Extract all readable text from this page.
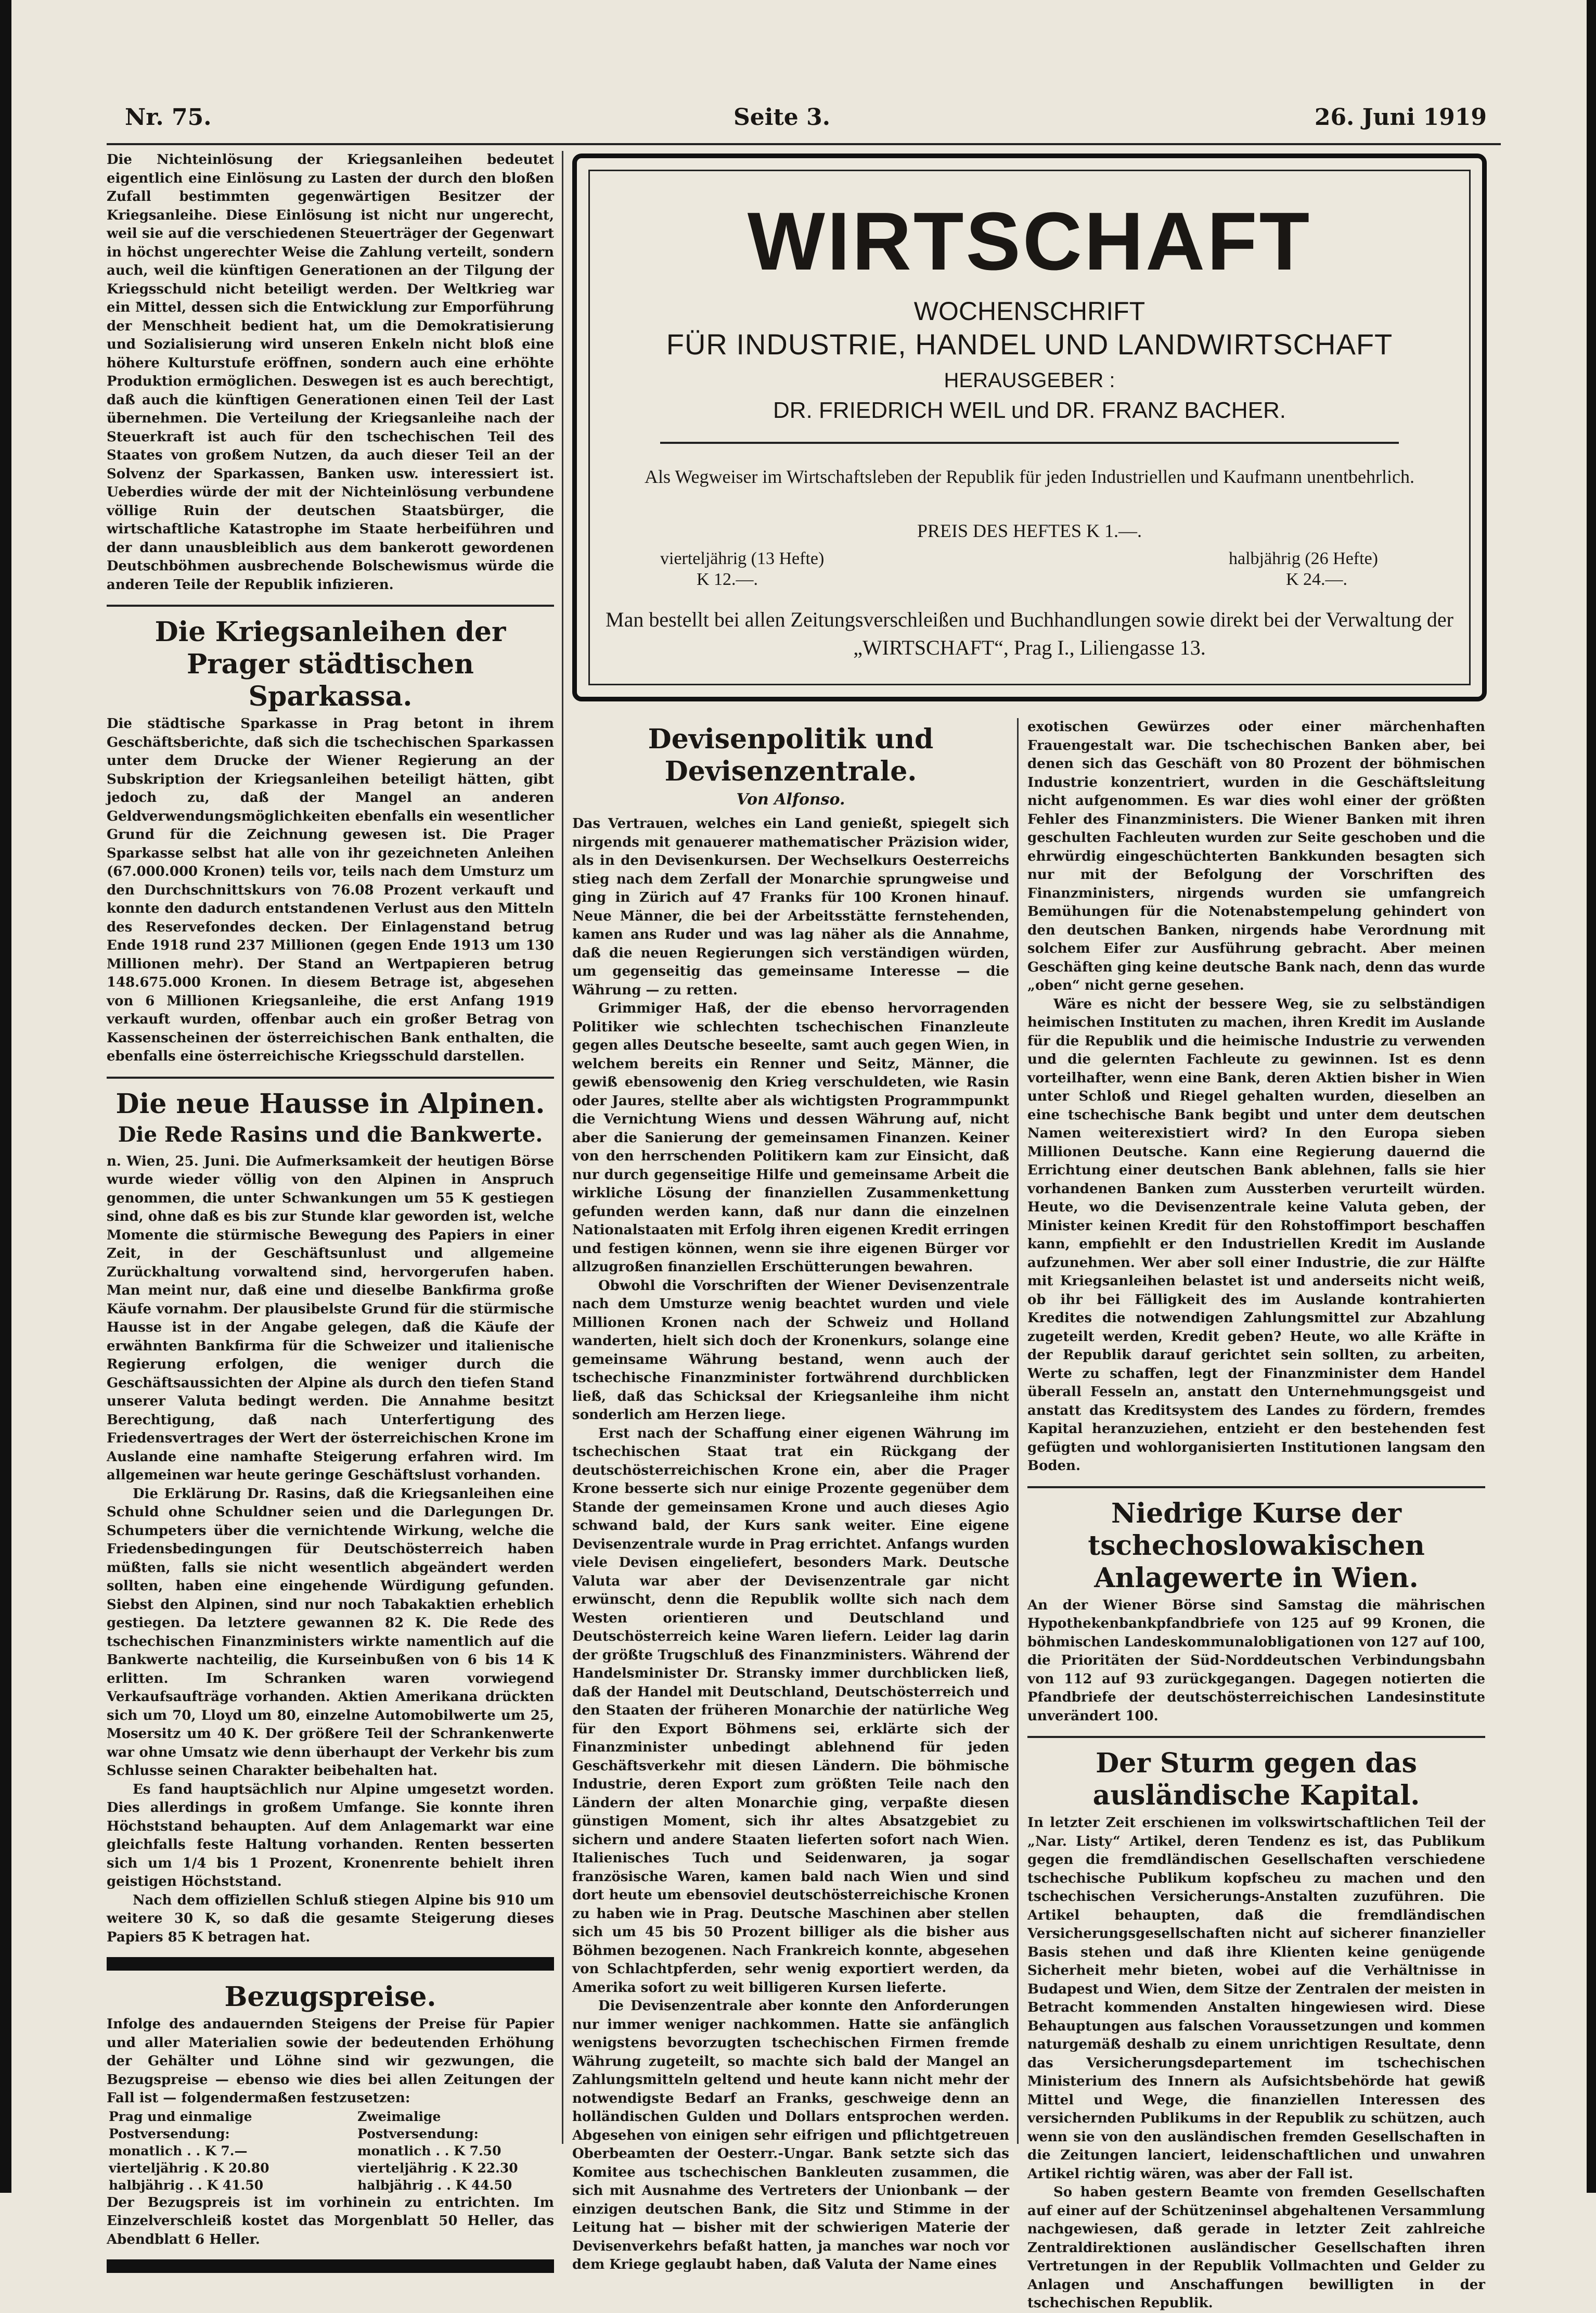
Nr. 75.	Seite 3.	26. Juni 1919

Die Nichteinlösung der Kriegsanleihen bedeutet eigentlich eine Einlösung zu Lasten der durch den bloßen Zufall bestimmten gegenwärtigen Besitzer der Kriegsanleihe. Diese Einlösung ist nicht nur ungerecht, weil sie auf die verschiedenen Steuerträger der Gegenwart in höchst ungerechter Weise die Zahlung verteilt, sondern auch, weil die künftigen Generationen an der Tilgung der Kriegsschuld nicht beteiligt werden. Der Weltkrieg war ein Mittel, dessen sich die Entwicklung zur Emporführung der Menschheit bedient hat, um die Demokratisierung und Sozialisierung wird unseren Enkeln nicht bloß eine höhere Kulturstufe eröffnen, sondern auch eine erhöhte Produktion ermöglichen. Deswegen ist es auch berechtigt, daß auch die künftigen Generationen einen Teil der Last übernehmen. Die Verteilung der Kriegsanleihe nach der Steuerkraft ist auch für den tschechischen Teil des Staates von großem Nutzen, da auch dieser Teil an der Solvenz der Sparkassen, Banken usw. interessiert ist. Ueberdies würde der mit der Nichteinlösung verbundene völlige Ruin der deutschen Staatsbürger, die wirtschaftliche Katastrophe im Staate herbeiführen und der dann unausbleiblich aus dem bankerott gewordenen Deutschböhmen ausbrechende Bolschewismus würde die anderen Teile der Republik infizieren.

Die Kriegsanleihen der Prager städtischen Sparkassa.

Die städtische Sparkasse in Prag betont in ihrem Geschäftsberichte, daß sich die tschechischen Sparkassen unter dem Drucke der Wiener Regierung an der Subskription der Kriegsanleihen beteiligt hätten, gibt jedoch zu, daß der Mangel an anderen Geldverwendungsmöglichkeiten ebenfalls ein wesentlicher Grund für die Zeichnung gewesen ist. Die Prager Sparkasse selbst hat alle von ihr gezeichneten Anleihen (67.000.000 Kronen) teils vor, teils nach dem Umsturz um den Durchschnittskurs von 76.08 Prozent verkauft und konnte den dadurch entstandenen Verlust aus den Mitteln des Reservefondes decken. Der Einlagenstand betrug Ende 1918 rund 237 Millionen (gegen Ende 1913 um 130 Millionen mehr). Der Stand an Wertpapieren betrug 148.675.000 Kronen. In diesem Betrage ist, abgesehen von 6 Millionen Kriegsanleihe, die erst Anfang 1919 verkauft wurden, offenbar auch ein großer Betrag von Kassenscheinen der österreichischen Bank enthalten, die ebenfalls eine österreichische Kriegsschuld darstellen.

Die neue Hausse in Alpinen.
Die Rede Rasins und die Bankwerte.

n. Wien, 25. Juni. Die Aufmerksamkeit der heutigen Börse wurde wieder völlig von den Alpinen in Anspruch genommen, die unter Schwankungen um 55 K gestiegen sind, ohne daß es bis zur Stunde klar geworden ist, welche Momente die stürmische Bewegung des Papiers in einer Zeit, in der Geschäftsunlust und allgemeine Zurückhaltung vorwaltend sind, hervorgerufen haben. Man meint nur, daß eine und dieselbe Bankfirma große Käufe vornahm. Der plausibelste Grund für die stürmische Hausse ist in der Angabe gelegen, daß die Käufe der erwähnten Bankfirma für die Schweizer und italienische Regierung erfolgen, die weniger durch die Geschäftsaussichten der Alpine als durch den tiefen Stand unserer Valuta bedingt werden. Die Annahme besitzt Berechtigung, daß nach Unterfertigung des Friedensvertrages der Wert der österreichischen Krone im Auslande eine namhafte Steigerung erfahren wird. Im allgemeinen war heute geringe Geschäftslust vorhanden.

Die Erklärung Dr. Rasins, daß die Kriegsanleihen eine Schuld ohne Schuldner seien und die Darlegungen Dr. Schumpeters über die vernichtende Wirkung, welche die Friedensbedingungen für Deutschösterreich haben müßten, falls sie nicht wesentlich abgeändert werden sollten, haben eine eingehende Würdigung gefunden. Siebst den Alpinen, sind nur noch Tabakaktien erheblich gestiegen. Da letztere gewannen 82 K. Die Rede des tschechischen Finanzministers wirkte namentlich auf die Bankwerte nachteilig, die Kurseinbußen von 6 bis 14 K erlitten. Im Schranken waren vorwiegend Verkaufsaufträge vorhanden. Aktien Amerikana drückten sich um 70, Lloyd um 80, einzelne Automobilwerte um 25, Mosersitz um 40 K. Der größere Teil der Schrankenwerte war ohne Umsatz wie denn überhaupt der Verkehr bis zum Schlusse seinen Charakter beibehalten hat.

Es fand hauptsächlich nur Alpine umgesetzt worden. Dies allerdings in großem Umfange. Sie konnte ihren Höchststand behaupten. Auf dem Anlagemarkt war eine gleichfalls feste Haltung vorhanden. Renten besserten sich um 1/4 bis 1 Prozent, Kronenrente behielt ihren geistigen Höchststand.

Nach dem offiziellen Schluß stiegen Alpine bis 910 um weitere 30 K, so daß die gesamte Steigerung dieses Papiers 85 K betragen hat.

Bezugspreise.

Infolge des andauernden Steigens der Preise für Papier und aller Materialien sowie der bedeutenden Erhöhung der Gehälter und Löhne sind wir gezwungen, die Bezugspreise — ebenso wie dies bei allen Zeitungen der Fall ist — folgendermaßen festzusetzen:

Prag und einmalige Postversendung:	Zweimalige Postversendung:
monatlich . . K 7.—	monatlich . . K 7.50
vierteljährig . K 20.80	vierteljährig . K 22.30
halbjährig . . K 41.50	halbjährig . . K 44.50

Der Bezugspreis ist im vorhinein zu entrichten. Im Einzelverschleiß kostet das Morgenblatt 50 Heller, das Abendblatt 6 Heller.

WIRTSCHAFT
WOCHENSCHRIFT
FÜR INDUSTRIE, HANDEL UND LANDWIRTSCHAFT
HERAUSGEBER :
DR. FRIEDRICH WEIL und DR. FRANZ BACHER.
Als Wegweiser im Wirtschaftsleben der Republik für jeden Industriellen und Kaufmann unentbehrlich.
PREIS DES HEFTES K 1.—.
vierteljährig (13 Hefte)
K 12.—.
halbjährig (26 Hefte)
K 24.—.
Man bestellt bei allen Zeitungsverschleißen und Buchhandlungen sowie direkt bei der Verwaltung der „WIRTSCHAFT“, Prag I., Liliengasse 13.
Devisenpolitik und Devisenzentrale.
Von Alfonso.

Das Vertrauen, welches ein Land genießt, spiegelt sich nirgends mit genauerer mathematischer Präzision wider, als in den Devisenkursen. Der Wechselkurs Oesterreichs stieg nach dem Zerfall der Monarchie sprungweise und ging in Zürich auf 47 Franks für 100 Kronen hinauf. Neue Männer, die bei der Arbeitsstätte fernstehenden, kamen ans Ruder und was lag näher als die Annahme, daß die neuen Regierungen sich verständigen würden, um gegenseitig das gemeinsame Interesse — die Währung — zu retten.

Grimmiger Haß, der die ebenso hervorragenden Politiker wie schlechten tschechischen Finanzleute gegen alles Deutsche beseelte, samt auch gegen Wien, in welchem bereits ein Renner und Seitz, Männer, die gewiß ebensowenig den Krieg verschuldeten, wie Rasin oder Jaures, stellte aber als wichtigsten Programmpunkt die Vernichtung Wiens und dessen Währung auf, nicht aber die Sanierung der gemeinsamen Finanzen. Keiner von den herrschenden Politikern kam zur Einsicht, daß nur durch gegenseitige Hilfe und gemeinsame Arbeit die wirkliche Lösung der finanziellen Zusammenkettung gefunden werden kann, daß nur dann die einzelnen Nationalstaaten mit Erfolg ihren eigenen Kredit erringen und festigen können, wenn sie ihre eigenen Bürger vor allzugroßen finanziellen Erschütterungen bewahren.

Obwohl die Vorschriften der Wiener Devisenzentrale nach dem Umsturze wenig beachtet wurden und viele Millionen Kronen nach der Schweiz und Holland wanderten, hielt sich doch der Kronenkurs, solange eine gemeinsame Währung bestand, wenn auch der tschechische Finanzminister fortwährend durchblicken ließ, daß das Schicksal der Kriegsanleihe ihm nicht sonderlich am Herzen liege.

Erst nach der Schaffung einer eigenen Währung im tschechischen Staat trat ein Rückgang der deutschösterreichischen Krone ein, aber die Prager Krone besserte sich nur einige Prozente gegenüber dem Stande der gemeinsamen Krone und auch dieses Agio schwand bald, der Kurs sank weiter. Eine eigene Devisenzentrale wurde in Prag errichtet. Anfangs wurden viele Devisen eingeliefert, besonders Mark. Deutsche Valuta war aber der Devisenzentrale gar nicht erwünscht, denn die Republik wollte sich nach dem Westen orientieren und Deutschland und Deutschösterreich keine Waren liefern. Leider lag darin der größte Trugschluß des Finanzministers. Während der Handelsminister Dr. Stransky immer durchblicken ließ, daß der Handel mit Deutschland, Deutschösterreich und den Staaten der früheren Monarchie der natürliche Weg für den Export Böhmens sei, erklärte sich der Finanzminister unbedingt ablehnend für jeden Geschäftsverkehr mit diesen Ländern. Die böhmische Industrie, deren Export zum größten Teile nach den Ländern der alten Monarchie ging, verpaßte diesen günstigen Moment, sich ihr altes Absatzgebiet zu sichern und andere Staaten lieferten sofort nach Wien. Italienisches Tuch und Seidenwaren, ja sogar französische Waren, kamen bald nach Wien und sind dort heute um ebensoviel deutschösterreichische Kronen zu haben wie in Prag. Deutsche Maschinen aber stellen sich um 45 bis 50 Prozent billiger als die bisher aus Böhmen bezogenen. Nach Frankreich konnte, abgesehen von Schlachtpferden, sehr wenig exportiert werden, da Amerika sofort zu weit billigeren Kursen lieferte.

Die Devisenzentrale aber konnte den Anforderungen nur immer weniger nachkommen. Hatte sie anfänglich wenigstens bevorzugten tschechischen Firmen fremde Währung zugeteilt, so machte sich bald der Mangel an Zahlungsmitteln geltend und heute kann nicht mehr der notwendigste Bedarf an Franks, geschweige denn an holländischen Gulden und Dollars entsprochen werden. Abgesehen von einigen sehr eifrigen und pflichtgetreuen Oberbeamten der Oesterr.-Ungar. Bank setzte sich das Komitee aus tschechischen Bankleuten zusammen, die sich mit Ausnahme des Vertreters der Unionbank — der einzigen deutschen Bank, die Sitz und Stimme in der Leitung hat — bisher mit der schwierigen Materie der Devisenverkehrs befaßt hatten, ja manches war noch vor dem Kriege geglaubt haben, daß Valuta der Name eines

exotischen Gewürzes oder einer märchenhaften Frauengestalt war. Die tschechischen Banken aber, bei denen sich das Geschäft von 80 Prozent der böhmischen Industrie konzentriert, wurden in die Geschäftsleitung nicht aufgenommen. Es war dies wohl einer der größten Fehler des Finanzministers. Die Wiener Banken mit ihren geschulten Fachleuten wurden zur Seite geschoben und die ehrwürdig eingeschüchterten Bankkunden besagten sich nur mit der Befolgung der Vorschriften des Finanzministers, nirgends wurden sie umfangreich Bemühungen für die Notenabstempelung gehindert von den deutschen Banken, nirgends habe Verordnung mit solchem Eifer zur Ausführung gebracht. Aber meinen Geschäften ging keine deutsche Bank nach, denn das wurde „oben“ nicht gerne gesehen.

Wäre es nicht der bessere Weg, sie zu selbständigen heimischen Instituten zu machen, ihren Kredit im Auslande für die Republik und die heimische Industrie zu verwenden und die gelernten Fachleute zu gewinnen. Ist es denn vorteilhafter, wenn eine Bank, deren Aktien bisher in Wien unter Schloß und Riegel gehalten wurden, dieselben an eine tschechische Bank begibt und unter dem deutschen Namen weiterexistiert wird? In den Europa sieben Millionen Deutsche. Kann eine Regierung dauernd die Errichtung einer deutschen Bank ablehnen, falls sie hier vorhandenen Banken zum Aussterben verurteilt würden. Heute, wo die Devisenzentrale keine Valuta geben, der Minister keinen Kredit für den Rohstoffimport beschaffen kann, empfiehlt er den Industriellen Kredit im Auslande aufzunehmen. Wer aber soll einer Industrie, die zur Hälfte mit Kriegsanleihen belastet ist und anderseits nicht weiß, ob ihr bei Fälligkeit des im Auslande kontrahierten Kredites die notwendigen Zahlungsmittel zur Abzahlung zugeteilt werden, Kredit geben? Heute, wo alle Kräfte in der Republik darauf gerichtet sein sollten, zu arbeiten, Werte zu schaffen, legt der Finanzminister dem Handel überall Fesseln an, anstatt den Unternehmungsgeist und anstatt das Kreditsystem des Landes zu fördern, fremdes Kapital heranzuziehen, entzieht er den bestehenden fest gefügten und wohlorganisierten Institutionen langsam den Boden.

Niedrige Kurse der tschechoslowakischen Anlagewerte in Wien.

An der Wiener Börse sind Samstag die mährischen Hypothekenbankpfandbriefe von 125 auf 99 Kronen, die böhmischen Landeskommunalobligationen von 127 auf 100, die Prioritäten der Süd-Norddeutschen Verbindungsbahn von 112 auf 93 zurückgegangen. Dagegen notierten die Pfandbriefe der deutschösterreichischen Landesinstitute unverändert 100.

Der Sturm gegen das ausländische Kapital.

In letzter Zeit erschienen im volkswirtschaftlichen Teil der „Nar. Listy“ Artikel, deren Tendenz es ist, das Publikum gegen die fremdländischen Gesellschaften verschiedene tschechische Publikum kopfscheu zu machen und den tschechischen Versicherungs-Anstalten zuzuführen. Die Artikel behaupten, daß die fremdländischen Versicherungsgesellschaften nicht auf sicherer finanzieller Basis stehen und daß ihre Klienten keine genügende Sicherheit mehr bieten, wobei auf die Verhältnisse in Budapest und Wien, dem Sitze der Zentralen der meisten in Betracht kommenden Anstalten hingewiesen wird. Diese Behauptungen aus falschen Voraussetzungen und kommen naturgemäß deshalb zu einem unrichtigen Resultate, denn das Versicherungsdepartement im tschechischen Ministerium des Innern als Aufsichtsbehörde hat gewiß Mittel und Wege, die finanziellen Interessen des versichernden Publikums in der Republik zu schützen, auch wenn sie von den ausländischen fremden Gesellschaften in die Zeitungen lanciert, leidenschaftlichen und unwahren Artikel richtig wären, was aber der Fall ist.

So haben gestern Beamte von fremden Gesellschaften auf einer auf der Schützeninsel abgehaltenen Versammlung nachgewiesen, daß gerade in letzter Zeit zahlreiche Zentraldirektionen ausländischer Gesellschaften ihren Vertretungen in der Republik Vollmachten und Gelder zu Anlagen und Anschaffungen bewilligten in der tschechischen Republik.
